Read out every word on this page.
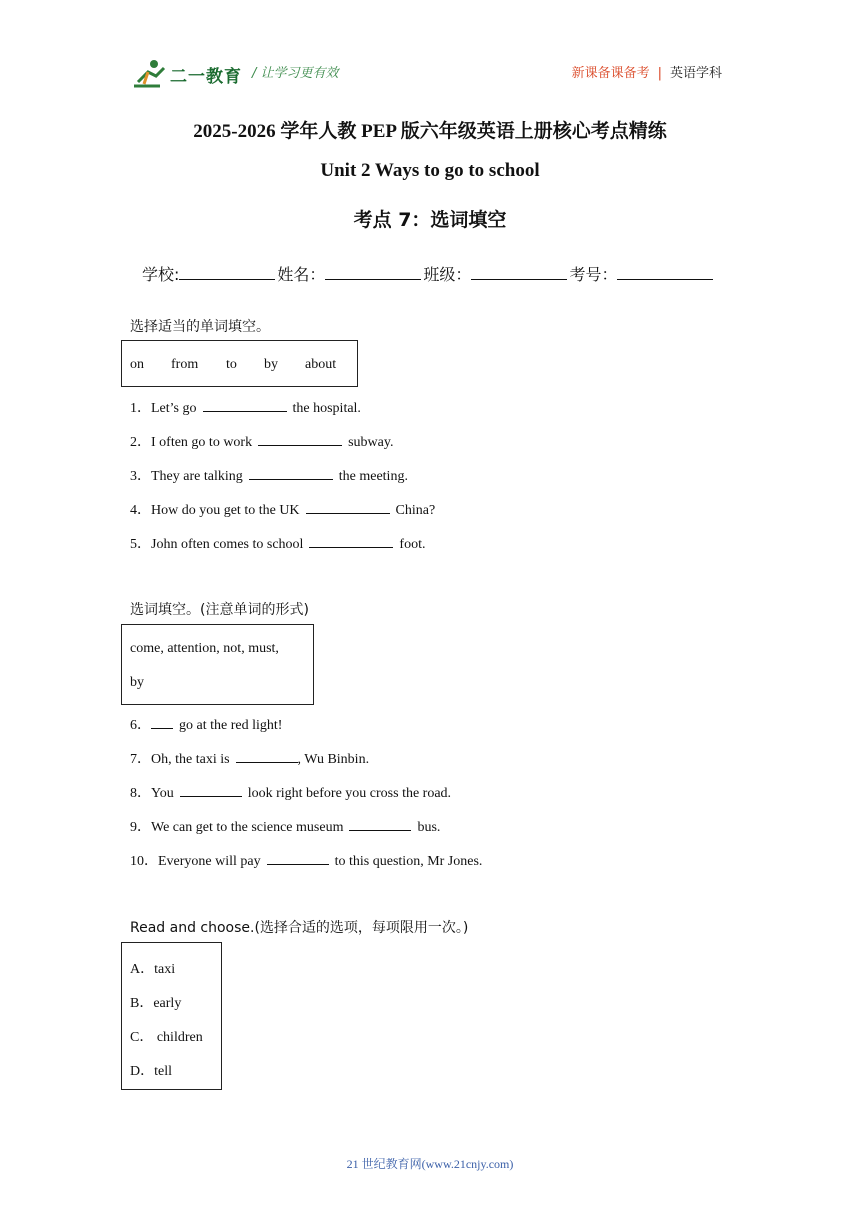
二一教育 / 让学习更有效	新课备课备考 | 英语学科
2025-2026 学年人教 PEP 版六年级英语上册核心考点精练
Unit 2 Ways to go to school
考点 7：选词填空
学校:	姓名：	班级：	考号：
选择适当的单词填空。
on from to by about
1．Let’s go	the hospital.
2．I often go to work	subway.
3．They are talking	the meeting.
4．How do you get to the UK	China?
5．John often comes to school	foot.
选词填空。(注意单词的形式)
come, attention, not, must,
by
6． go at the red light!
7．Oh, the taxi is	, Wu Binbin.
8．You	look right before you cross the road.
9．We can get to the science museum	bus.
10．Everyone will pay	to this question, Mr Jones.
Read and choose.(选择合适的选项，每项限用一次。)
A．taxi
B．early
C． children
D．tell
21 世纪教育网(www.21cnjy.com)
